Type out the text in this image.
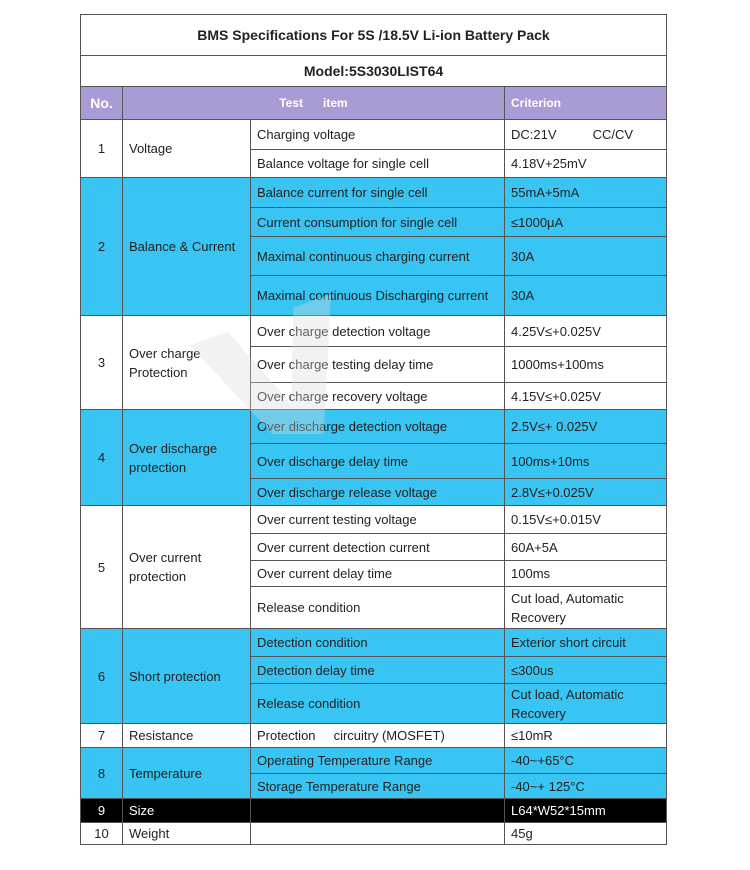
BMS Specifications For 5S /18.5V Li-ion Battery Pack			
Model:5S3030LIST64			
No.	Test      item		Criterion
1	Voltage	Charging voltage	DC:21V          CC/CV
		Balance voltage for single cell	4.18V+25mV
2	Balance & Current	Balance current for single cell	55mA+5mA
		Current consumption for single cell	≤1000μA
		Maximal continuous charging current	30A
		Maximal continuous Discharging current	30A
3	Over charge Protection	Over charge detection voltage	4.25V≤+0.025V
		Over charge testing delay time	1000ms+100ms
		Over charge recovery voltage	4.15V≤+0.025V
4	Over discharge protection	Over discharge detection voltage	2.5V≤+ 0.025V
		Over discharge delay time	100ms+10ms
		Over discharge release voltage	2.8V≤+0.025V
5	Over current protection	Over current testing voltage	0.15V≤+0.015V
		Over current detection current	60A+5A
		Over current delay time	100ms
		Release condition	Cut load, Automatic Recovery
6	Short protection	Detection condition	Exterior short circuit
		Detection delay time	≤300us
		Release condition	Cut load, Automatic Recovery
7	Resistance	Protection     circuitry (MOSFET)	≤10mR
8	Temperature	Operating Temperature Range	-40~+65°C
		Storage Temperature Range	-40~+ 125°C
9	Size		L64*W52*15mm
10	Weight		45g
